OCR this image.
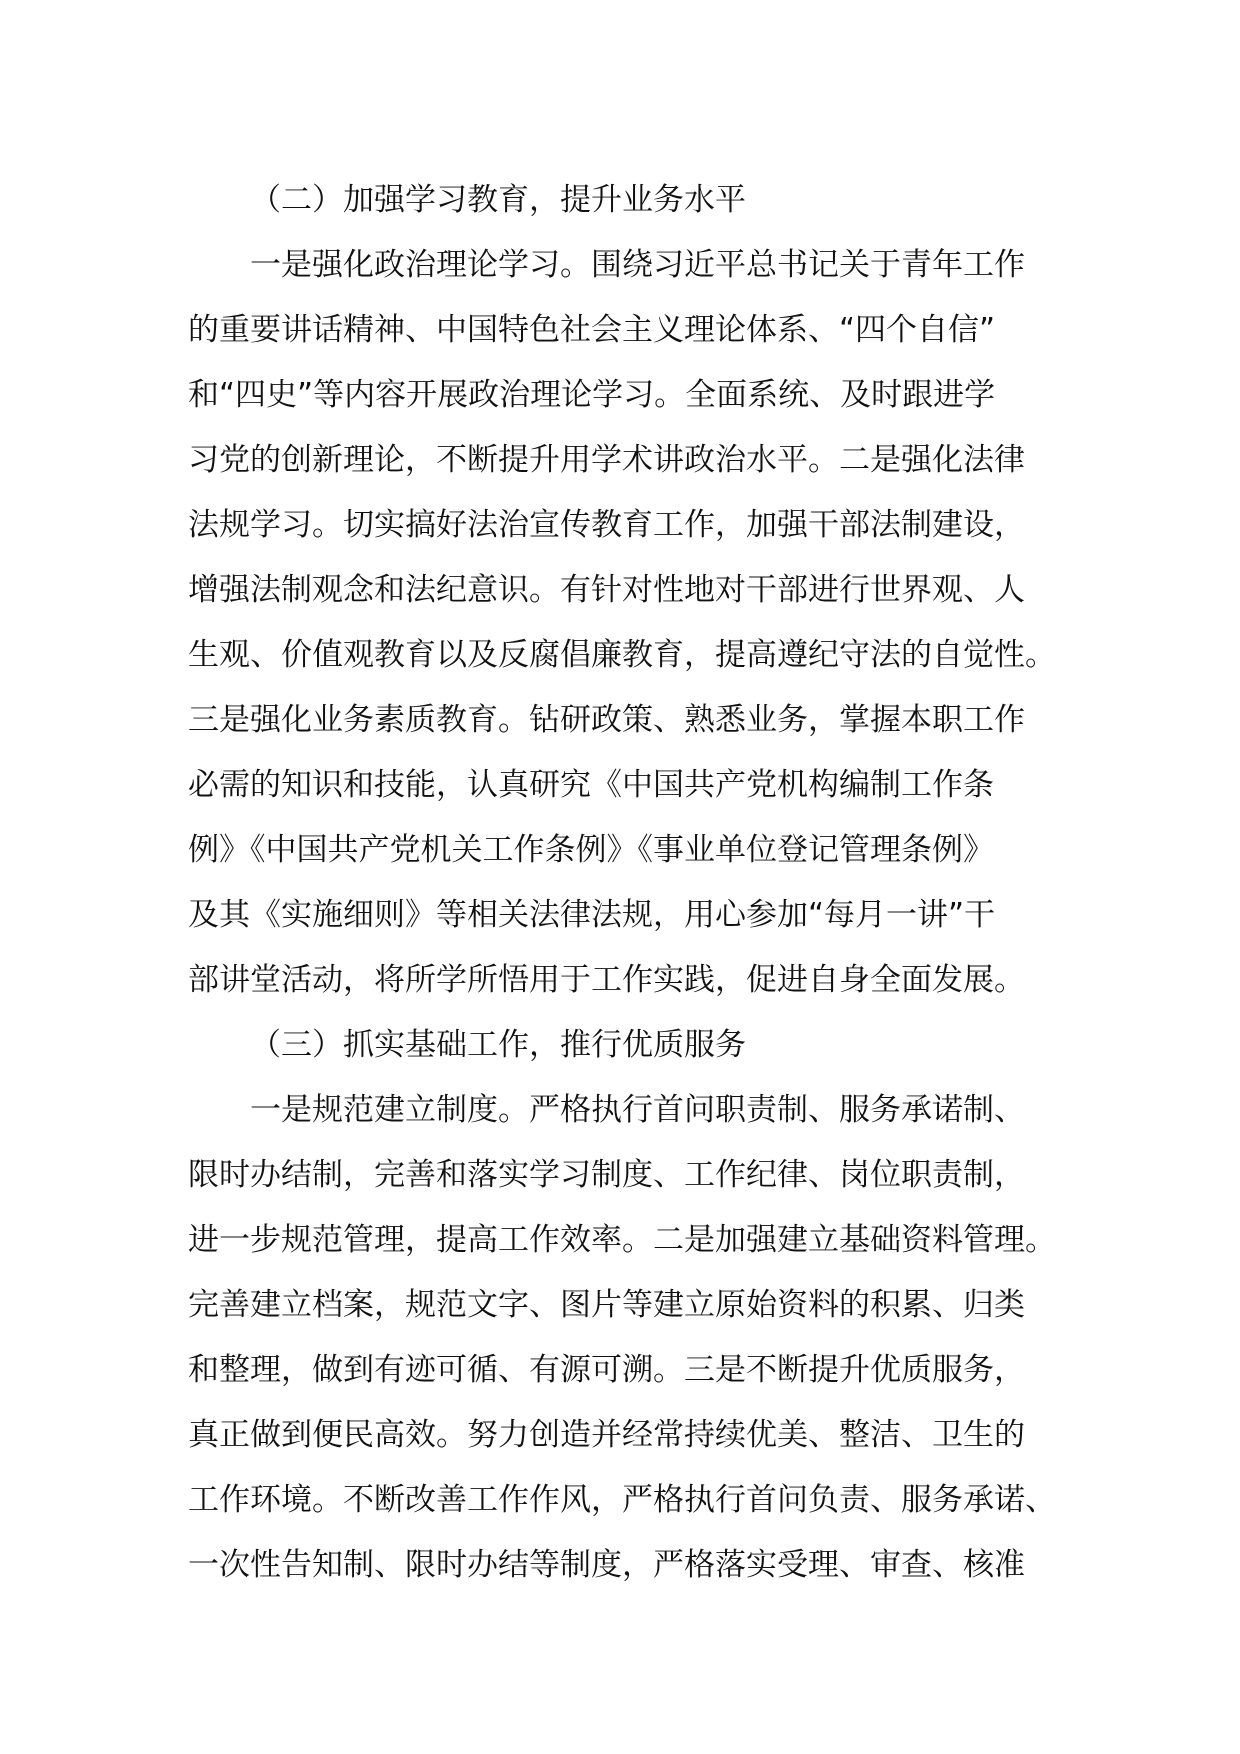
（二）加强学习教育，提升业务水平
一是强化政治理论学习。围绕习近平总书记关于青年工作
的重要讲话精神、中国特色社会主义理论体系、“四个自信”
和“四史”等内容开展政治理论学习。全面系统、及时跟进学
习党的创新理论，不断提升用学术讲政治水平。二是强化法律
法规学习。切实搞好法治宣传教育工作，加强干部法制建设，
增强法制观念和法纪意识。有针对性地对干部进行世界观、人
生观、价值观教育以及反腐倡廉教育，提高遵纪守法的自觉性。
三是强化业务素质教育。钻研政策、熟悉业务，掌握本职工作
必需的知识和技能，认真研究《中国共产党机构编制工作条
例》《中国共产党机关工作条例》《事业单位登记管理条例》
及其《实施细则》等相关法律法规，用心参加“每月一讲”干
部讲堂活动，将所学所悟用于工作实践，促进自身全面发展。
（三）抓实基础工作，推行优质服务
一是规范建立制度。严格执行首问职责制、服务承诺制、
限时办结制，完善和落实学习制度、工作纪律、岗位职责制，
进一步规范管理，提高工作效率。二是加强建立基础资料管理。
完善建立档案，规范文字、图片等建立原始资料的积累、归类
和整理，做到有迹可循、有源可溯。三是不断提升优质服务，
真正做到便民高效。努力创造并经常持续优美、整洁、卫生的
工作环境。不断改善工作作风，严格执行首问负责、服务承诺、
一次性告知制、限时办结等制度，严格落实受理、审查、核准
